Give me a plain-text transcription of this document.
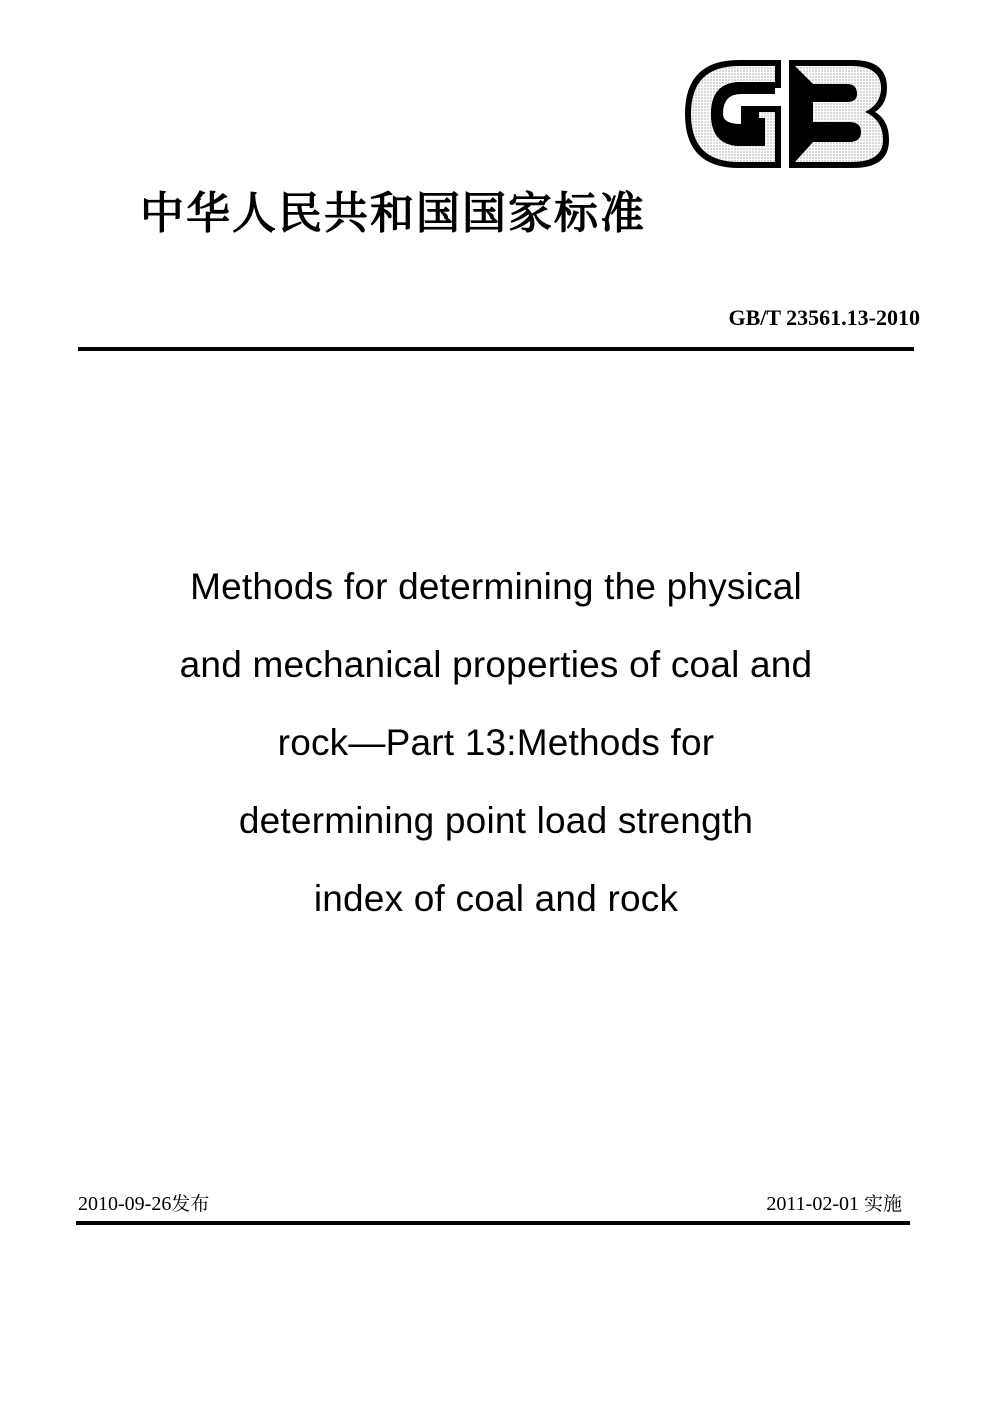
中华人民共和国国家标准
GB/T 23561.13-2010
Methods for determining the physical
and mechanical properties of coal and
rock—Part 13:Methods for
determining point load strength
index of coal and rock
2010-09-26发布	2011-02-01 实施
